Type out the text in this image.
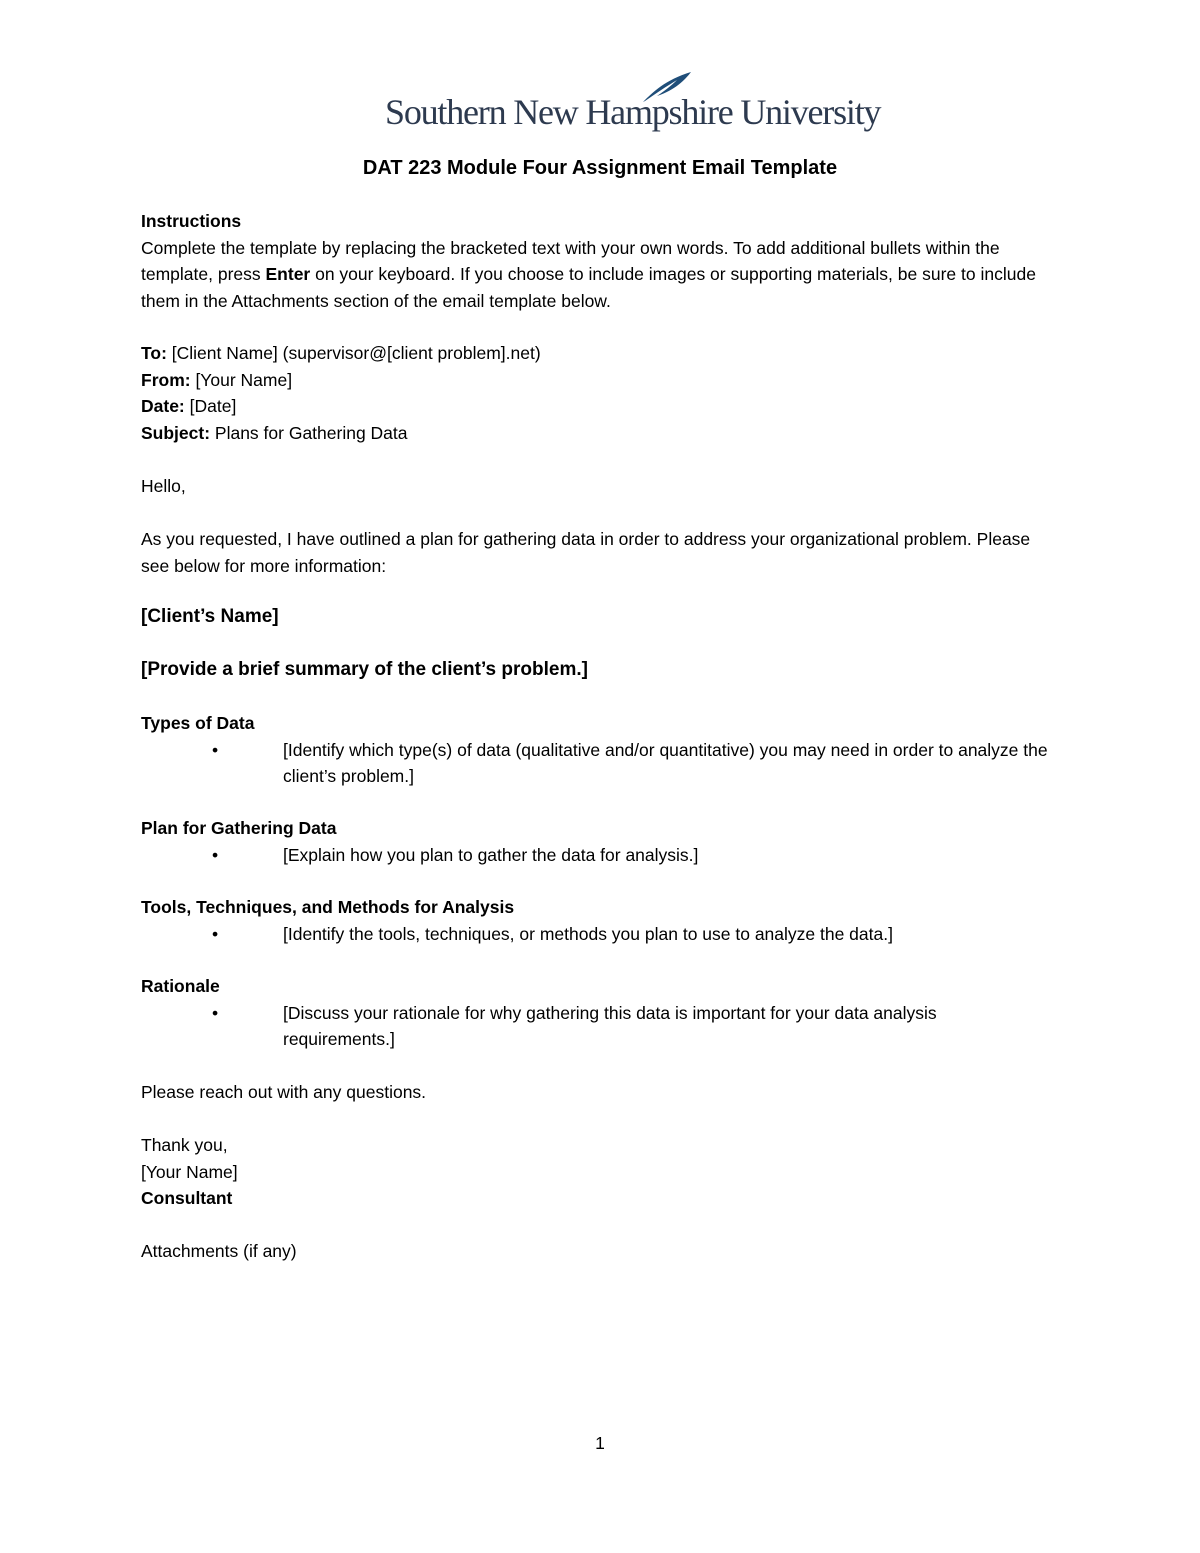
Southern New Hampshire University
DAT 223 Module Four Assignment Email Template
Instructions
Complete the template by replacing the bracketed text with your own words. To add additional bullets within the template, press Enter on your keyboard. If you choose to include images or supporting materials, be sure to include them in the Attachments section of the email template below.
To: [Client Name] (supervisor@[client problem].net)
From: [Your Name]
Date: [Date]
Subject: Plans for Gathering Data
Hello,
As you requested, I have outlined a plan for gathering data in order to address your organizational problem. Please see below for more information:
[Client’s Name]
[Provide a brief summary of the client’s problem.]
Types of Data
•	[Identify which type(s) of data (qualitative and/or quantitative) you may need in order to analyze the client’s problem.]
Plan for Gathering Data
•	[Explain how you plan to gather the data for analysis.]
Tools, Techniques, and Methods for Analysis
•	[Identify the tools, techniques, or methods you plan to use to analyze the data.]
Rationale
•	[Discuss your rationale for why gathering this data is important for your data analysis requirements.]
Please reach out with any questions.
Thank you,
[Your Name]
Consultant
Attachments (if any)
1
